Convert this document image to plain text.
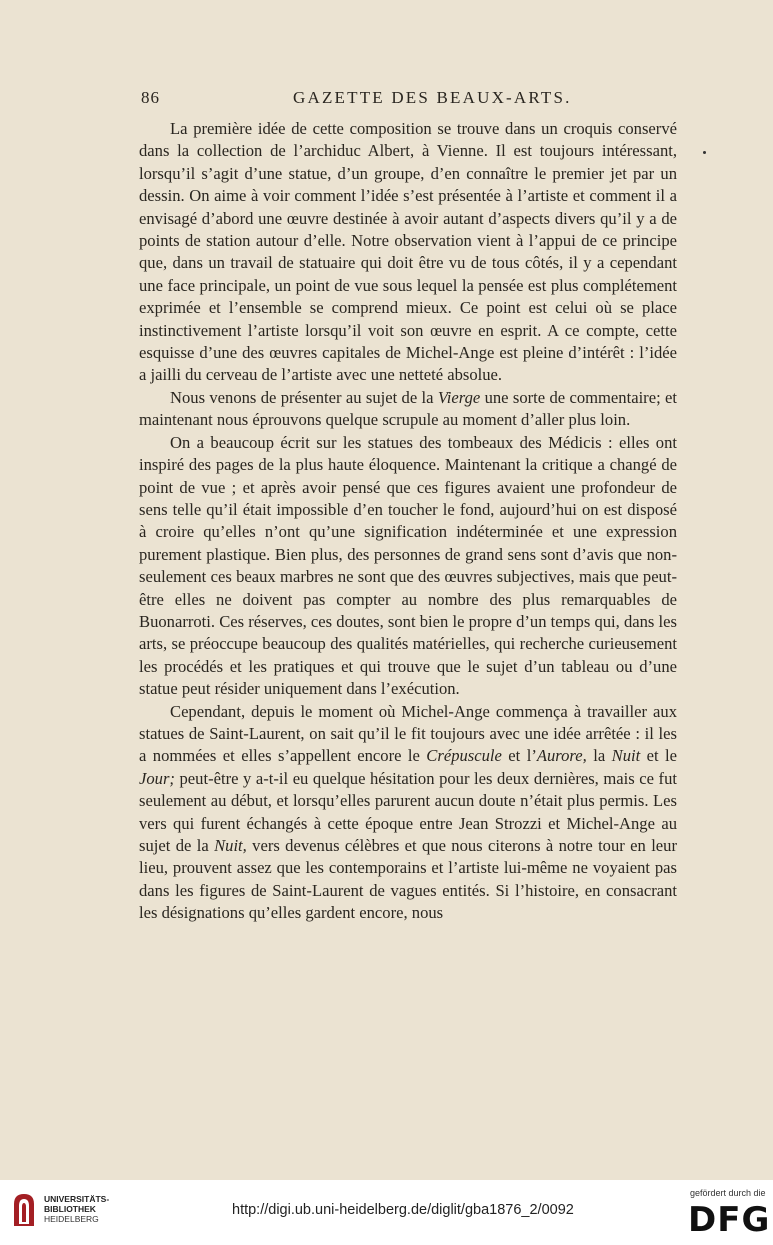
86	GAZETTE DES BEAUX-ARTS.

La première idée de cette composition se trouve dans un croquis conservé dans la collection de l’archiduc Albert, à Vienne. Il est toujours intéressant, lorsqu’il s’agit d’une statue, d’un groupe, d’en connaître le premier jet par un dessin. On aime à voir comment l’idée s’est présentée à l’artiste et comment il a envisagé d’abord une œuvre destinée à avoir autant d’aspects divers qu’il y a de points de station autour d’elle. Notre observation vient à l’appui de ce principe que, dans un travail de statuaire qui doit être vu de tous côtés, il y a cependant une face principale, un point de vue sous lequel la pensée est plus complétement exprimée et l’ensemble se comprend mieux. Ce point est celui où se place instinctivement l’artiste lorsqu’il voit son œuvre en esprit. A ce compte, cette esquisse d’une des œuvres capitales de Michel-Ange est pleine d’intérêt : l’idée a jailli du cerveau de l’artiste avec une netteté absolue.

Nous venons de présenter au sujet de la Vierge une sorte de commentaire; et maintenant nous éprouvons quelque scrupule au moment d’aller plus loin.

On a beaucoup écrit sur les statues des tombeaux des Médicis : elles ont inspiré des pages de la plus haute éloquence. Maintenant la critique a changé de point de vue ; et après avoir pensé que ces figures avaient une profondeur de sens telle qu’il était impossible d’en toucher le fond, aujourd’hui on est disposé à croire qu’elles n’ont qu’une signification indéterminée et une expression purement plastique. Bien plus, des personnes de grand sens sont d’avis que non-seulement ces beaux marbres ne sont que des œuvres subjectives, mais que peut-être elles ne doivent pas compter au nombre des plus remarquables de Buonarroti. Ces réserves, ces doutes, sont bien le propre d’un temps qui, dans les arts, se préoccupe beaucoup des qualités matérielles, qui recherche curieusement les procédés et les pratiques et qui trouve que le sujet d’un tableau ou d’une statue peut résider uniquement dans l’exécution.

Cependant, depuis le moment où Michel-Ange commença à travailler aux statues de Saint-Laurent, on sait qu’il le fit toujours avec une idée arrêtée : il les a nommées et elles s’appellent encore le Crépuscule et l’Aurore, la Nuit et le Jour; peut-être y a-t-il eu quelque hésitation pour les deux dernières, mais ce fut seulement au début, et lorsqu’elles parurent aucun doute n’était plus permis. Les vers qui furent échangés à cette époque entre Jean Strozzi et Michel-Ange au sujet de la Nuit, vers devenus célèbres et que nous citerons à notre tour en leur lieu, prouvent assez que les contemporains et l’artiste lui-même ne voyaient pas dans les figures de Saint-Laurent de vagues entités. Si l’histoire, en consacrant les désignations qu’elles gardent encore, nous

UNIVERSITÄTS-
BIBLIOTHEK
HEIDELBERG
http://digi.ub.uni-heidelberg.de/diglit/gba1876_2/0092
gefördert durch die
DFG
